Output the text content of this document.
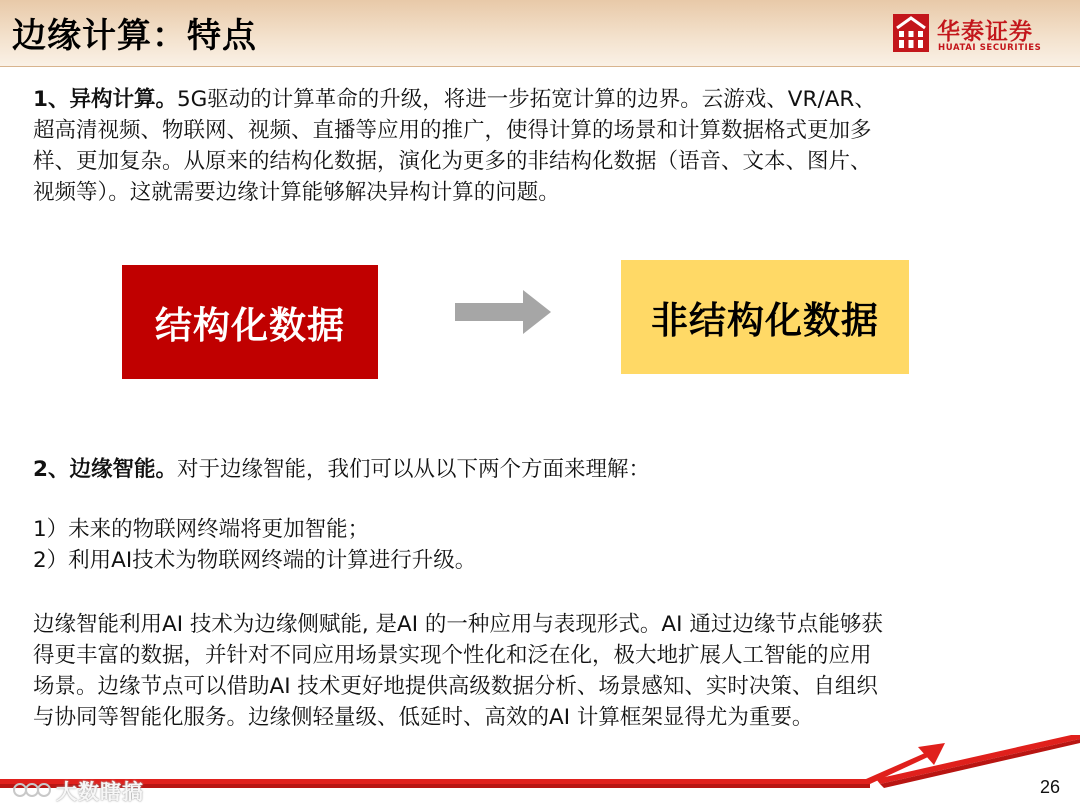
边缘计算：特点	华泰证券
HUATAI SECURITIES
1、异构计算。5G驱动的计算革命的升级，将进一步拓宽计算的边界。云游戏、VR/AR、
超高清视频、物联网、视频、直播等应用的推广，使得计算的场景和计算数据格式更加多
样、更加复杂。从原来的结构化数据，演化为更多的非结构化数据（语音、文本、图片、
视频等）。这就需要边缘计算能够解决异构计算的问题。
结构化数据	非结构化数据
2、边缘智能。对于边缘智能，我们可以从以下两个方面来理解：
1）未来的物联网终端将更加智能；
2）利用AI技术为物联网终端的计算进行升级。
边缘智能利用AI 技术为边缘侧赋能, 是AI 的一种应用与表现形式。AI 通过边缘节点能够获
得更丰富的数据，并针对不同应用场景实现个性化和泛在化，极大地扩展人工智能的应用
场景。边缘节点可以借助AI 技术更好地提供高级数据分析、场景感知、实时决策、自组织
与协同等智能化服务。边缘侧轻量级、低延时、高效的AI 计算框架显得尤为重要。
大数瞎搞	26
